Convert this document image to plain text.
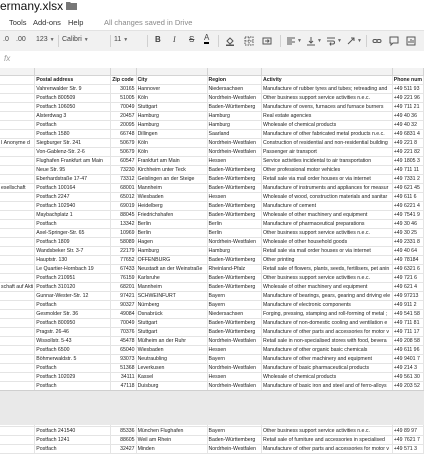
ermany.xlsx
Tools Add-ons Help	All changes saved in Drive
.0 .00 123 ▼ Calibri ▼	11 ▼	B I S A	▼	▼	▼	▼
fx

	Postal address	Zip code	City	Region	Activity	Phone num
	Vahrenwalder Str. 9	30165	Hannover	Niedersachsen	Manufacture of rubber tyres and tubes; retreading and	+49 511 93
	Postfach 800509	51005	Köln	Nordrhein-Westfalen	Other business support service activities n.e.c.	+49 221 96
	Postfach 106050	70049	Stuttgart	Baden-Württemberg	Manufacture of ovens, furnaces and furnace burners	+49 711 21
	Alsterdwag 3	20457	Hamburg	Hamburg	Real estate agencies	+49 40 36
	Postfach	20095	Hamburg	Hamburg	Wholesale of chemical products	+49 40 32
	Postfach 1580	66748	Dillingen	Saarland	Manufacture of other fabricated metal products n.e.c.	+49 6831 4
I Anonyme d	Siegburger Str. 241	50679	Köln	Nordrhein-Westfalen	Construction of residential and non-residential building	+49 221 8
	Von-Gablenz-Str. 2-6	50679	Köln	Nordrhein-Westfalen	Passenger air transport	+49 221 82
	Flughafen Frankfurt am Main	60547	Frankfurt am Main	Hessen	Service activities incidental to air transportation	+49 1805 3
	Neue Str. 95	73230	Kirchheim unter Teck	Baden-Württemberg	Other professional motor vehicles	+49 711 11
	Eberhardstraße 17-47	73312	Geislingen an der Steige	Baden-Württemberg	Retail sale via mail order houses or via internet	+49 7331 2
esellschaft	Postfach 100164	68001	Mannheim	Baden-Württemberg	Manufacture of instruments and appliances for measur	+49 621 45
	Postfach 2247	65012	Wiesbaden	Hessen	Wholesale of wood, construction materials and sanitar	+49 611 6
	Postfach 102940	69019	Heidelberg	Baden-Württemberg	Manufacture of cement	+49 6221 4
	Maybachplatz 1	88045	Friedrichshafen	Baden-Württemberg	Wholesale of other machinery and equipment	+49 7541 9
	Postfach	13342	Berlin	Berlin	Manufacture of pharmaceutical preparations	+49 30 46
	Axel-Springer-Str. 65	10969	Berlin	Berlin	Other business support service activities n.e.c.	+49 30 25
	Postfach 1809	58089	Hagen	Nordrhein-Westfalen	Wholesale of other household goods	+49 2331 8
	Wandsbeker Str. 3-7	22179	Hamburg	Hamburg	Retail sale via mail order houses or via internet	+49 40 64
	Hauptstr. 130	77652	OFFENBURG	Baden-Württemberg	Other printing	+49 78184
	Le Quartier-Hornbach 19	67433	Neustadt an der Weinstraße	Rheinland-Pfalz	Retail sale of flowers, plants, seeds, fertilisers, pet anin	+49 6321 6
	Postfach 210951	76159	Karlsruhe	Baden-Württemberg	Other business support service activities n.e.c.	+49 721 6
schaft auf Akti	Postfach 310120	68201	Mannheim	Baden-Württemberg	Wholesale of other machinery and equipment	+49 621 4
	Gunnar-Wester-Str. 12	97421	SCHWEINFURT	Bayern	Manufacture of bearings, gears, gearing and driving ele	+49 97213
	Postfach	90327	Nürnberg	Bayern	Manufacture of electronic components	+49 911 2
	Gesmolder Str. 36	49084	Osnabrück	Niedersachsen	Forging, pressing, stamping and roll-forming of metal ;	+49 541 58
	Postfach 800950	70049	Stuttgart	Baden-Württemberg	Manufacture of non-domestic cooling and ventilation e	+49 711 81
	Pragstr. 26-46	70376	Stuttgart	Baden-Württemberg	Manufacture of other parts and accessories for motor v	+49 711 17
	Wissollstr. 5-43	45478	Mülheim an der Ruhr	Nordrhein-Westfalen	Retail sale in non-specialised stores with food, bevera	+49 208 58
	Postfach 6500	65040	Wiesbaden	Hessen	Manufacture of other organic basic chemicals	+49 611 96
	Böhmerwaldstr. 5	93073	Neutraubling	Bayern	Manufacture of other machinery and equipment	+49 9401 7
	Postfach	51368	Leverkusen	Nordrhein-Westfalen	Manufacture of basic pharmaceutical products	+49 214 3
	Postfach 102029	34111	Kassel	Hessen	Wholesale of chemical products	+49 561 30
	Postfach	47118	Duisburg	Nordrhein-Westfalen	Manufacture of basic iron and steel and of ferro-alloys	+49 203 52

	Postfach 241540	85336	München Flughafen	Bayern	Other business support service activities n.e.c.	+49 89 97
	Postfach 1241	88605	Weil am Rhein	Baden-Württemberg	Retail sale of furniture and accessories in specialised	+49 7621 7
	Postfach	32427	Minden	Nordrhein-Westfalen	Manufacture of other parts and accessories for motor v	+49 571 3
